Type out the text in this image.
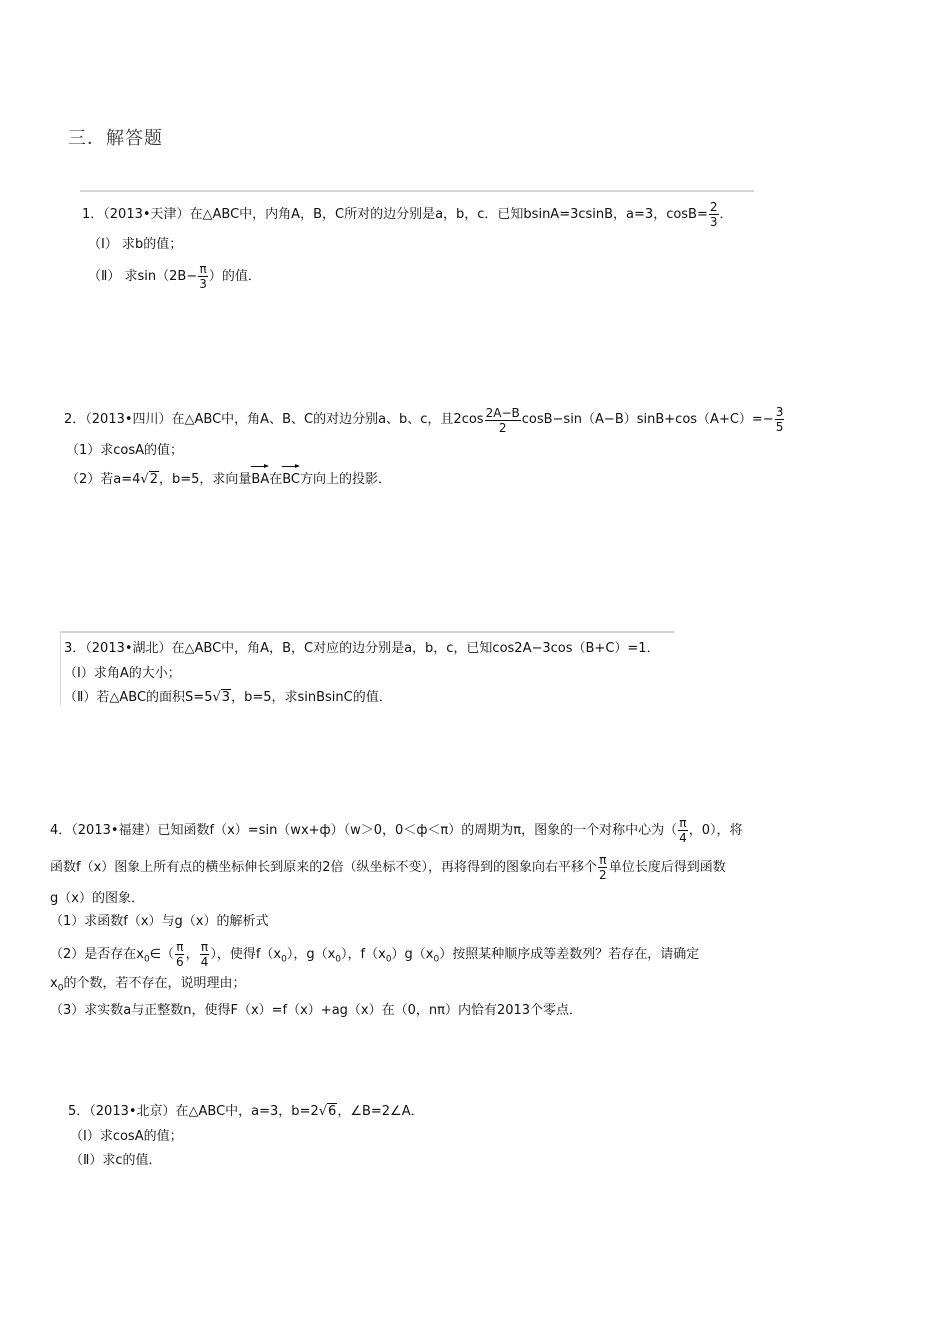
三．解答题
1．（2013•天津）在△ABC中，内角A，B，C所对的边分别是a，b，c．已知bsinA=3csinB，a=3，$\cos B= \frac{2}{3}$ ．
（Ⅰ） 求b的值；
（Ⅱ） 求$\sin(2B- \frac{\pi}{3}$ ）的值．
2．（2013•四川）在△ABC中，角A、B、C的对边分别a、b、c，且$2\cos \frac{2A-B}{2} \cos B-\sin(A-B)\sin B+\cos(A+C)=- \frac{3}{5}$
（1）求cosA的值；
（2）若a=4√2，b=5，求向量BA在BC方向上的投影．
3．（2013•湖北）在△ABC中，角A，B，C对应的边分别是a，b，c，已知cos2A−3cos（B+C）=1．
（Ⅰ）求角A的大小；
（Ⅱ）若△ABC的面积S=5√3，b=5，求sinBsinC的值．
4．（2013•福建）已知函数f（x）=sin（wx+ф）（w＞0，0＜ф＜π）的周期为π，图象的一个对称中心为（ $\frac{\pi}{4}$ ，0），将
函数f（x）图象上所有点的横坐标伸长到原来的2倍（纵坐标不变），再将得到的图象向右平移个 $\frac{\pi}{2}$ 单位长度后得到函数
g（x）的图象．
（1）求函数f（x）与g（x）的解析式
（2）是否存在$x_0\in( \frac{\pi}{6}$ ， $\frac{\pi}{4}$ ），使得$f(x_0)$，$g(x_0)$，$f(x_0)g(x_0)$按照某种顺序成等差数列？若存在，请确定
$x_0$的个数，若不存在，说明理由；
（3）求实数a与正整数n，使得F（x）=f（x）+ag（x）在（0，nπ）内恰有2013个零点．
5．（2013•北京）在△ABC中，a=3，b=2√6，∠B=2∠A．
（Ⅰ）求cosA的值；
（Ⅱ）求c的值．
